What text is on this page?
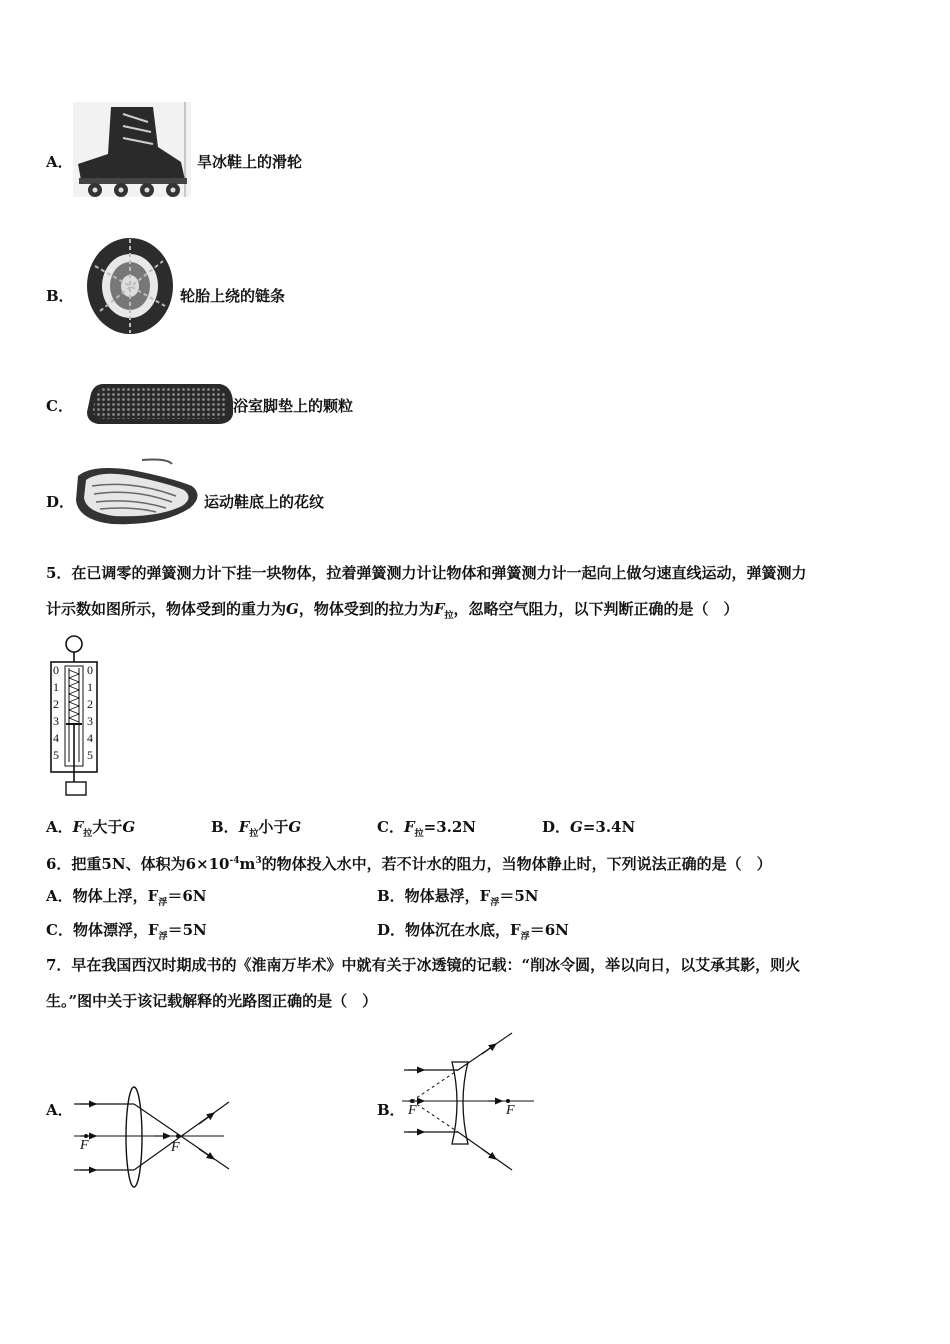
A．	旱冰鞋上的滑轮
B．	轮胎上绕的链条
C．	浴室脚垫上的颗粒
D．	运动鞋底上的花纹
5．在已调零的弹簧测力计下挂一块物体，拉着弹簧测力计让物体和弹簧测力计一起向上做匀速直线运动，弹簧测力
计示数如图所示，物体受到的重力为G，物体受到的拉力为$F_拉$，忽略空气阻力，以下判断正确的是（　）
0
1
2
3
4
5
0
1
2
3
4
5
A．$F_拉$大于G	B．$F_拉$小于G	C．$F_拉=3.2N$	D．G=3.4N
6．把重5N、体积为$6\times 10^{-4}m^3$的物体投入水中，若不计水的阻力，当物体静止时，下列说法正确的是（　）
A．物体上浮，$F_浮=6N$	B．物体悬浮，$F_浮=5N$
C．物体漂浮，$F_浮=5N$	D．物体沉在水底，$F_浮=6N$
7．早在我国西汉时期成书的《淮南万毕术》中就有关于冰透镜的记载：“削冰令圆，举以向日，以艾承其影，则火
生。”图中关于该记载解释的光路图正确的是（　）
A．
F	F
B． F	F
